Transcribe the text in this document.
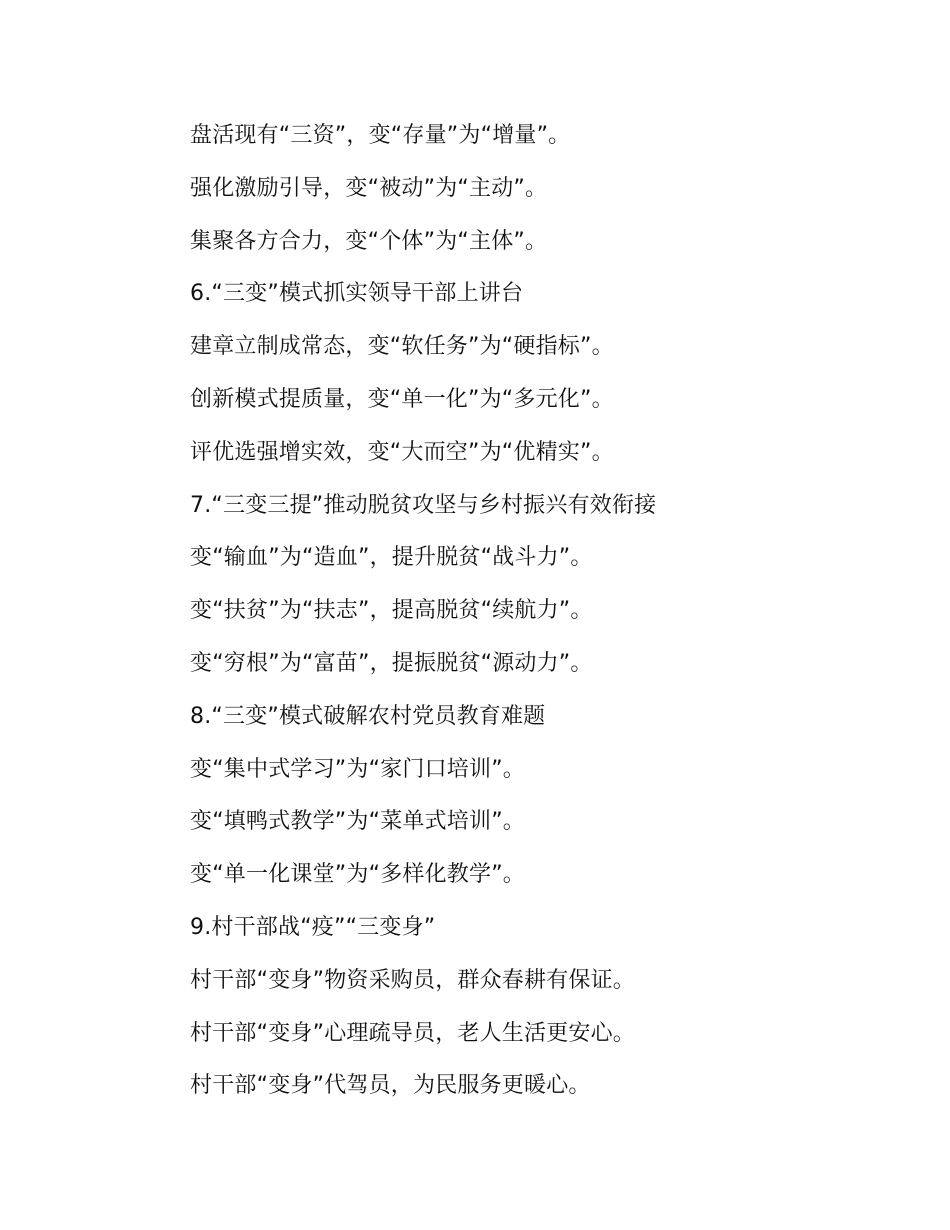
盘活现有“三资”，变“存量”为“增量”。
强化激励引导，变“被动”为“主动”。
集聚各方合力，变“个体”为“主体”。
6.“三变”模式抓实领导干部上讲台
建章立制成常态，变“软任务”为“硬指标”。
创新模式提质量，变“单一化”为“多元化”。
评优选强增实效，变“大而空”为“优精实”。
7.“三变三提”推动脱贫攻坚与乡村振兴有效衔接
变“输血”为“造血”，提升脱贫“战斗力”。
变“扶贫”为“扶志”，提高脱贫“续航力”。
变“穷根”为“富苗”，提振脱贫“源动力”。
8.“三变”模式破解农村党员教育难题
变“集中式学习”为“家门口培训”。
变“填鸭式教学”为“菜单式培训”。
变“单一化课堂”为“多样化教学”。
9.村干部战“疫”“三变身”
村干部“变身”物资采购员，群众春耕有保证。
村干部“变身”心理疏导员，老人生活更安心。
村干部“变身”代驾员，为民服务更暖心。
